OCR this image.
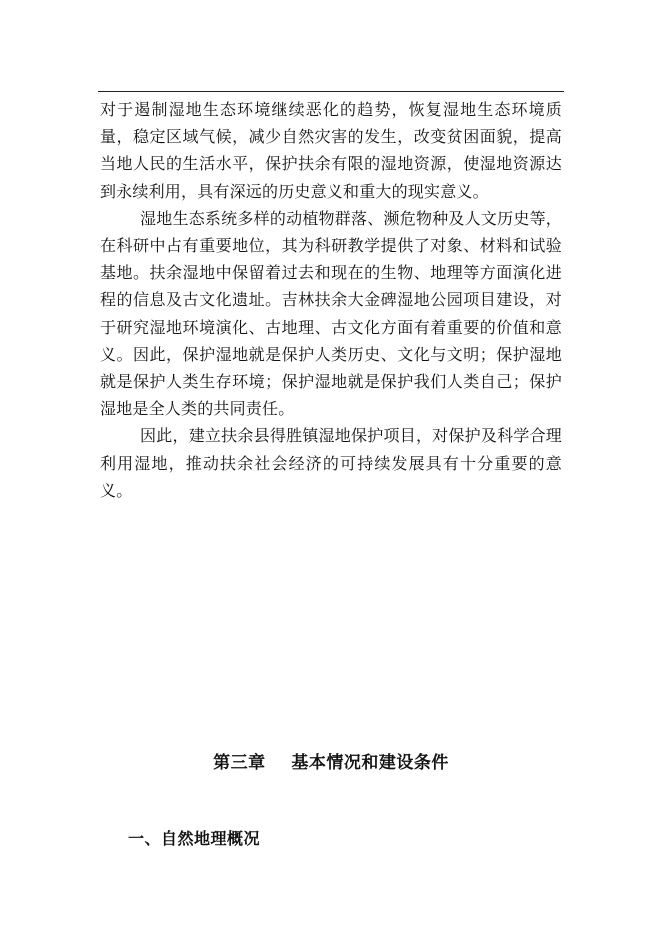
对于遏制湿地生态环境继续恶化的趋势，恢复湿地生态环境质量，稳定区域气候，减少自然灾害的发生，改变贫困面貌，提高当地人民的生活水平，保护扶余有限的湿地资源，使湿地资源达到永续利用，具有深远的历史意义和重大的现实意义。

湿地生态系统多样的动植物群落、濒危物种及人文历史等，在科研中占有重要地位，其为科研教学提供了对象、材料和试验基地。扶余湿地中保留着过去和现在的生物、地理等方面演化进程的信息及古文化遗址。吉林扶余大金碑湿地公园项目建设，对于研究湿地环境演化、古地理、古文化方面有着重要的价值和意义。因此，保护湿地就是保护人类历史、文化与文明；保护湿地就是保护人类生存环境；保护湿地就是保护我们人类自己；保护湿地是全人类的共同责任。

因此，建立扶余县得胜镇湿地保护项目，对保护及科学合理利用湿地，推动扶余社会经济的可持续发展具有十分重要的意义。

第三章    基本情况和建设条件
一、自然地理概况
